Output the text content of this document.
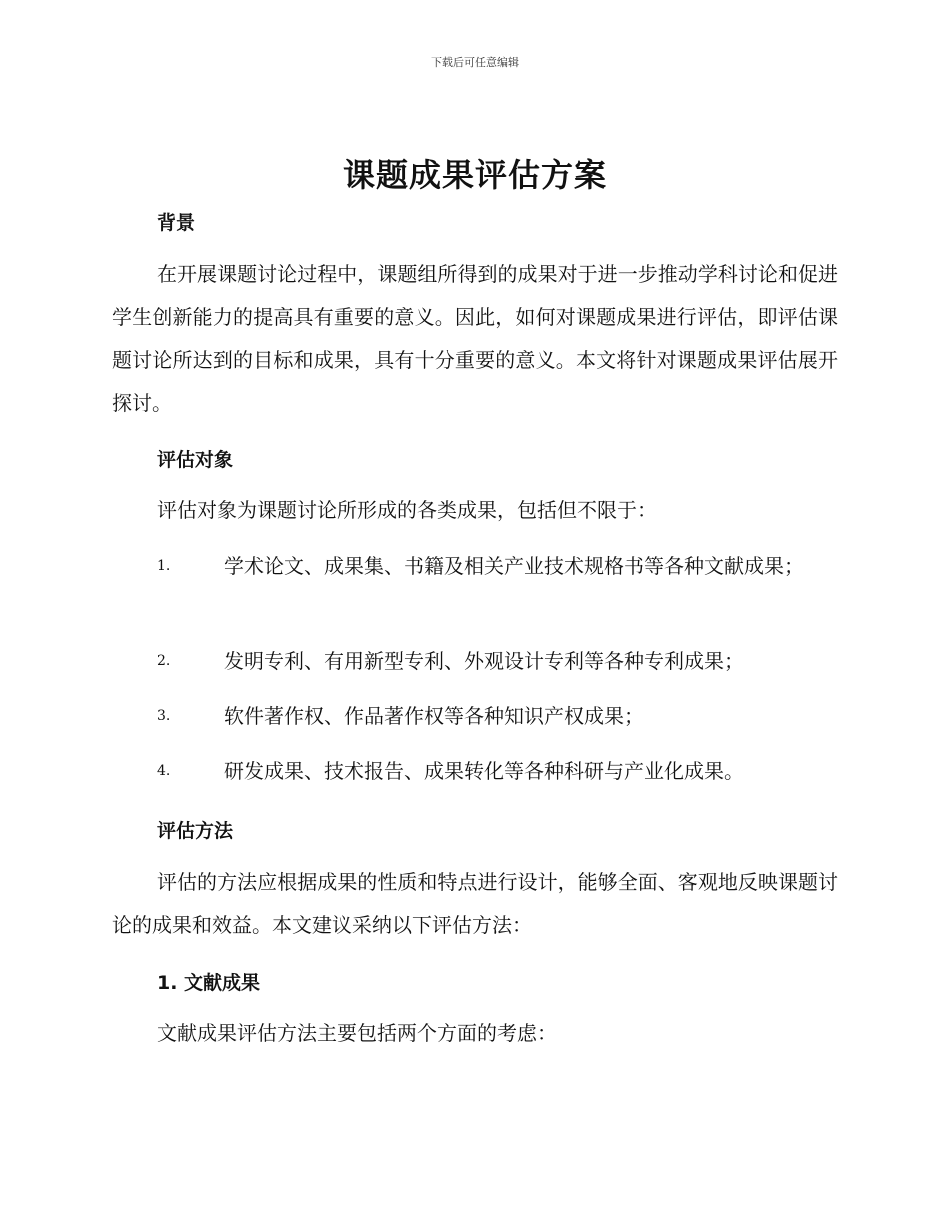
下载后可任意编辑
课题成果评估方案
背景
在开展课题讨论过程中，课题组所得到的成果对于进一步推动学科讨论和促进学生创新能力的提高具有重要的意义。因此，如何对课题成果进行评估，即评估课题讨论所达到的目标和成果，具有十分重要的意义。本文将针对课题成果评估展开探讨。
评估对象
评估对象为课题讨论所形成的各类成果，包括但不限于：
1.	学术论文、成果集、书籍及相关产业技术规格书等各种文献成果；
2.	发明专利、有用新型专利、外观设计专利等各种专利成果；
3.	软件著作权、作品著作权等各种知识产权成果；
4.	研发成果、技术报告、成果转化等各种科研与产业化成果。
评估方法
评估的方法应根据成果的性质和特点进行设计，能够全面、客观地反映课题讨论的成果和效益。本文建议采纳以下评估方法：
1. 文献成果
文献成果评估方法主要包括两个方面的考虑：
